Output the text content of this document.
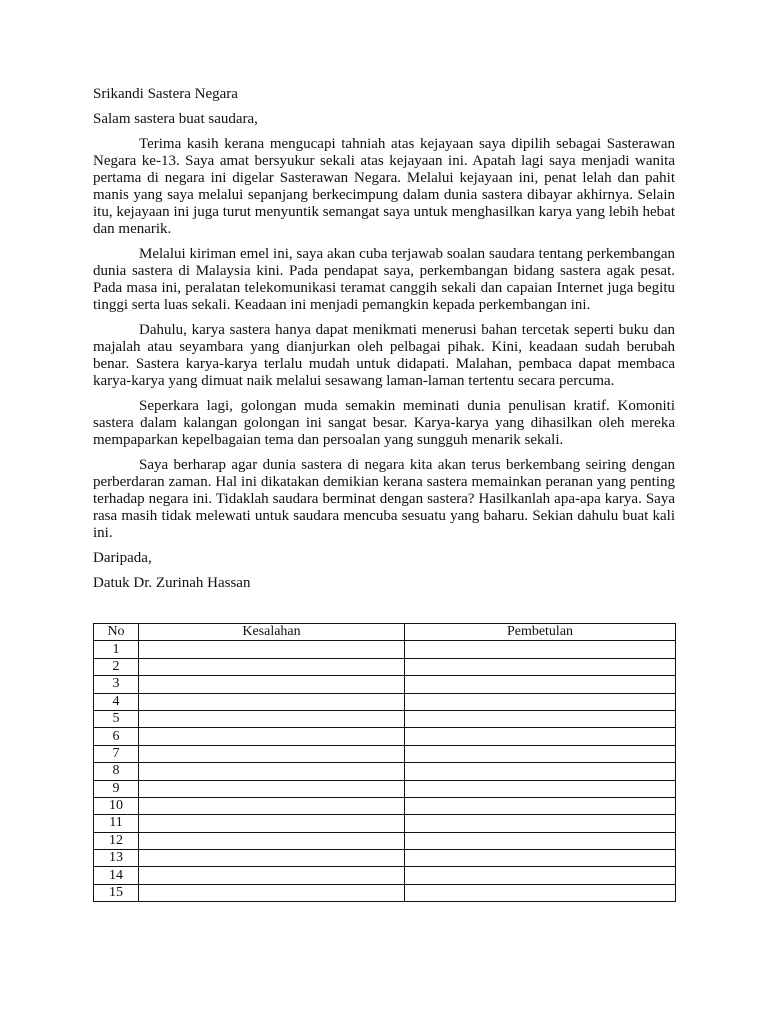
Srikandi Sastera Negara

Salam sastera buat saudara,

Terima kasih kerana mengucapi tahniah atas kejayaan saya dipilih sebagai Sasterawan Negara ke-13. Saya amat bersyukur sekali atas kejayaan ini. Apatah lagi saya menjadi wanita pertama di negara ini digelar Sasterawan Negara. Melalui kejayaan ini, penat lelah dan pahit manis yang saya melalui sepanjang berkecimpung dalam dunia sastera dibayar akhirnya. Selain itu, kejayaan ini juga turut menyuntik semangat saya untuk menghasilkan karya yang lebih hebat dan menarik.

Melalui kiriman emel ini, saya akan cuba terjawab soalan saudara tentang perkembangan dunia sastera di Malaysia kini. Pada pendapat saya, perkembangan bidang sastera agak pesat. Pada masa ini, peralatan telekomunikasi teramat canggih sekali dan capaian Internet juga begitu tinggi serta luas sekali. Keadaan ini menjadi pemangkin kepada perkembangan ini.

Dahulu, karya sastera hanya dapat menikmati menerusi bahan tercetak seperti buku dan majalah atau seyambara yang dianjurkan oleh pelbagai pihak. Kini, keadaan sudah berubah benar. Sastera karya-karya terlalu mudah untuk didapati. Malahan, pembaca dapat membaca karya-karya yang dimuat naik melalui sesawang laman-laman tertentu secara percuma.

Seperkara lagi, golongan muda semakin meminati dunia penulisan kratif. Komoniti sastera dalam kalangan golongan ini sangat besar. Karya-karya yang dihasilkan oleh mereka mempaparkan kepelbagaian tema dan persoalan yang sungguh menarik sekali.

Saya berharap agar dunia sastera di negara kita akan terus berkembang seiring dengan perberdaran zaman. Hal ini dikatakan demikian kerana sastera memainkan peranan yang penting terhadap negara ini. Tidaklah saudara berminat dengan sastera? Hasilkanlah apa-apa karya. Saya rasa masih tidak melewati untuk saudara mencuba sesuatu yang baharu. Sekian dahulu buat kali ini.

Daripada,

Datuk Dr. Zurinah Hassan

No	Kesalahan	Pembetulan
1		
2		
3		
4		
5		
6		
7		
8		
9		
10		
11		
12		
13		
14		
15		
